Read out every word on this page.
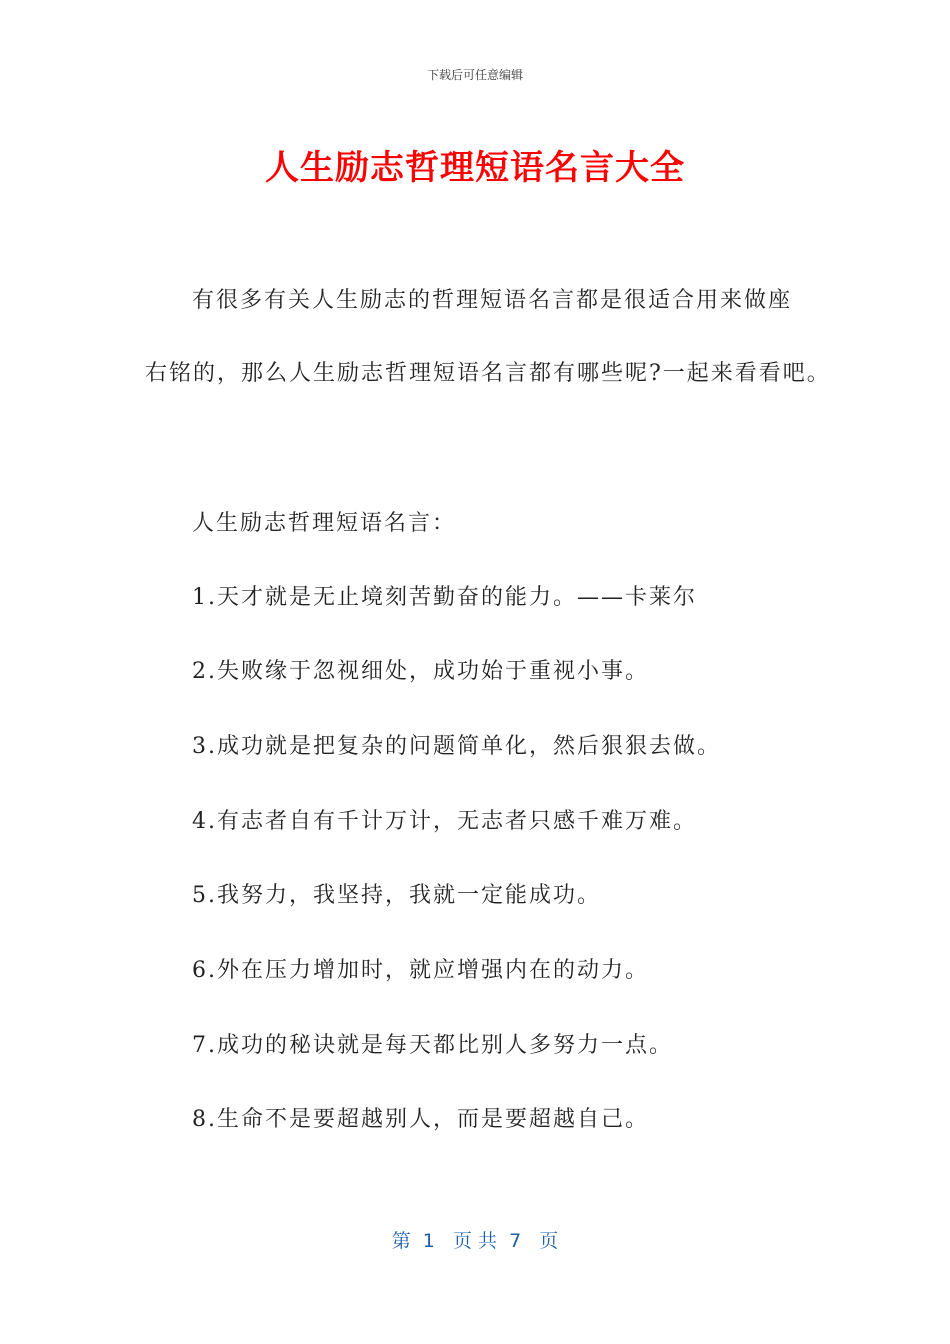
下载后可任意编辑
人生励志哲理短语名言大全
有很多有关人生励志的哲理短语名言都是很适合用来做座
右铭的，那么人生励志哲理短语名言都有哪些呢?一起来看看吧。
人生励志哲理短语名言：
1.天才就是无止境刻苦勤奋的能力。——卡莱尔
2.失败缘于忽视细处，成功始于重视小事。
3.成功就是把复杂的问题简单化，然后狠狠去做。
4.有志者自有千计万计，无志者只感千难万难。
5.我努力，我坚持，我就一定能成功。
6.外在压力增加时，就应增强内在的动力。
7.成功的秘诀就是每天都比别人多努力一点。
8.生命不是要超越别人，而是要超越自己。
第  1   页 共  7   页
